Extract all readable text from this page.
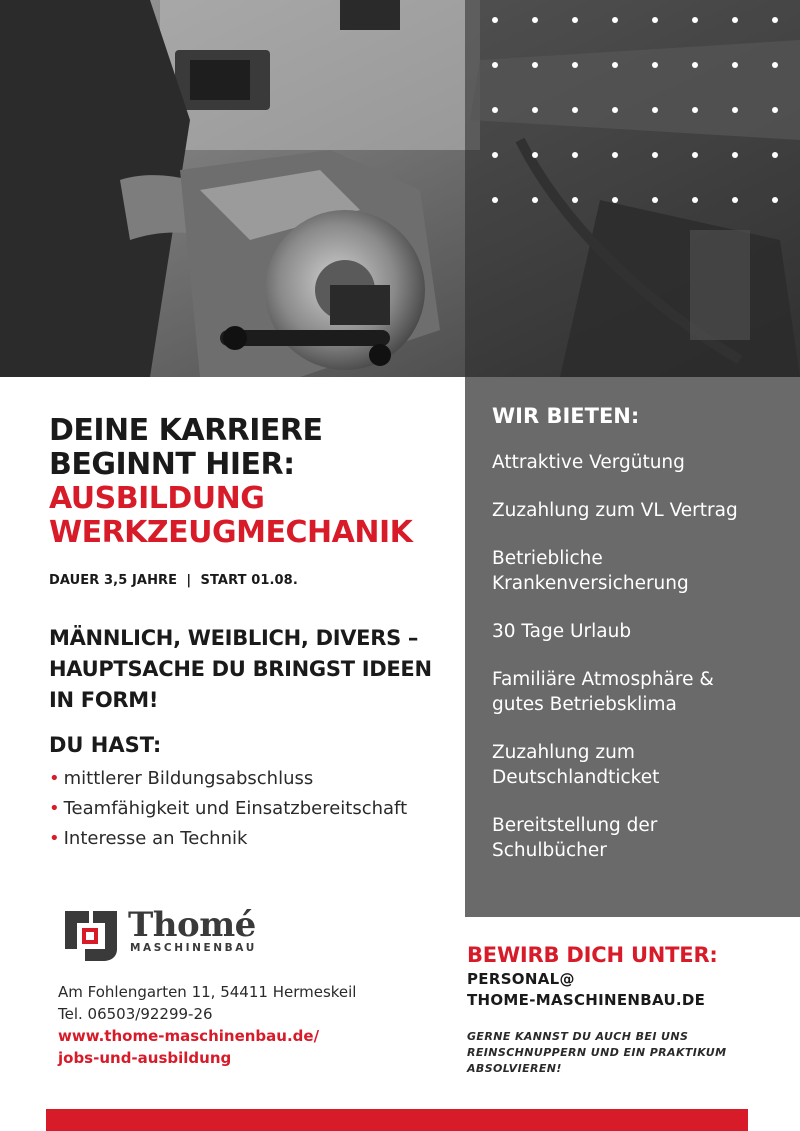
DEINE KARRIERE
BEGINNT HIER:
AUSBILDUNG
WERKZEUGMECHANIK
DAUER 3,5 JAHRE  |  START 01.08.
MÄNNLICH, WEIBLICH, DIVERS – HAUPTSACHE DU BRINGST IDEEN IN FORM!
DU HAST:
• mittlerer Bildungsabschluss
• Teamfähigkeit und Einsatzbereitschaft
• Interesse an Technik
WIR BIETEN:
Attraktive Vergütung
Zuzahlung zum VL Vertrag
Betriebliche Krankenversicherung
30 Tage Urlaub
Familiäre Atmosphäre & gutes Betriebsklima
Zuzahlung zum Deutschlandticket
Bereitstellung der Schulbücher
Thomé
MASCHINENBAU
Am Fohlengarten 11, 54411 Hermeskeil
Tel. 06503/92299-26
www.thome-maschinenbau.de/
jobs-und-ausbildung
BEWIRB DICH UNTER:
PERSONAL@
THOME-MASCHINENBAU.DE
GERNE KANNST DU AUCH BEI UNS REINSCHNUPPERN UND EIN PRAKTIKUM ABSOLVIEREN!
